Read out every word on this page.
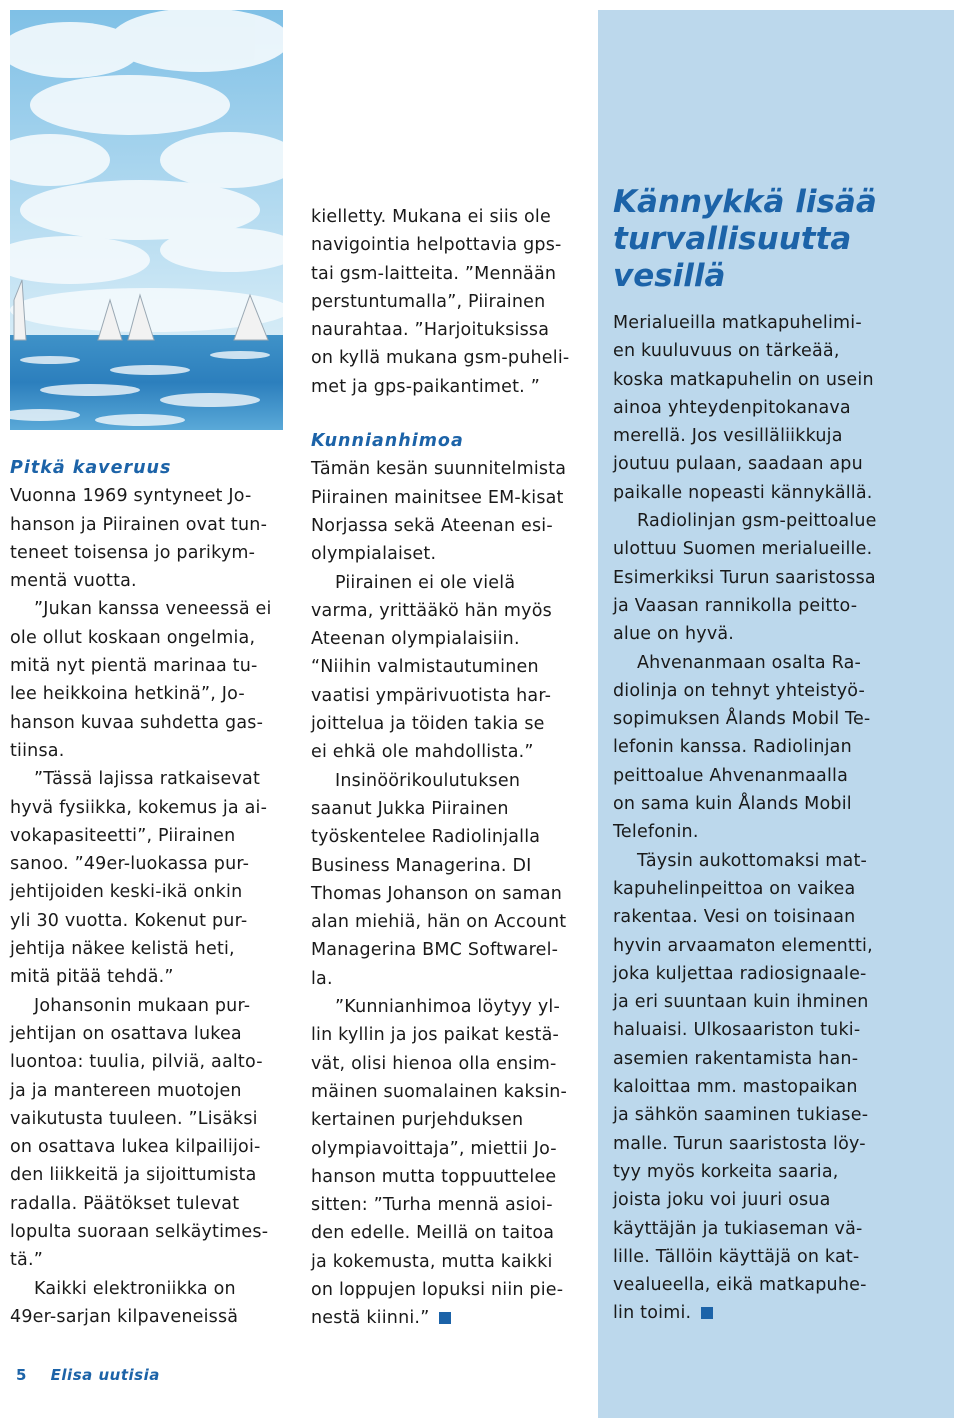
Pitkä kaveruus
Vuonna 1969 syntyneet Jo-
hanson ja Piirainen ovat tun-
teneet toisensa jo parikym-
mentä vuotta.
”Jukan kanssa veneessä ei
ole ollut koskaan ongelmia,
mitä nyt pientä marinaa tu-
lee heikkoina hetkinä”, Jo-
hanson kuvaa suhdetta gas-
tiinsa.
”Tässä lajissa ratkaisevat
hyvä fysiikka, kokemus ja ai-
vokapasiteetti”, Piirainen
sanoo. ”49er-luokassa pur-
jehtijoiden keski-ikä onkin
yli 30 vuotta. Kokenut pur-
jehtija näkee kelistä heti,
mitä pitää tehdä.”
Johansonin mukaan pur-
jehtijan on osattava lukea
luontoa: tuulia, pilviä, aalto-
ja ja mantereen muotojen
vaikutusta tuuleen. ”Lisäksi
on osattava lukea kilpailijoi-
den liikkeitä ja sijoittumista
radalla. Päätökset tulevat
lopulta suoraan selkäytimes-
tä.”
Kaikki elektroniikka on
49er-sarjan kilpaveneissä
kielletty. Mukana ei siis ole
navigointia helpottavia gps-
tai gsm-laitteita. ”Mennään
perstuntumalla”, Piirainen
naurahtaa. ”Harjoituksissa
on kyllä mukana gsm-puheli-
met ja gps-paikantimet. ”
Kunnianhimoa
Tämän kesän suunnitelmista
Piirainen mainitsee EM-kisat
Norjassa sekä Ateenan esi-
olympialaiset.
Piirainen ei ole vielä
varma, yrittääkö hän myös
Ateenan olympialaisiin.
“Niihin valmistautuminen
vaatisi ympärivuotista har-
joittelua ja töiden takia se
ei ehkä ole mahdollista.”
Insinöörikoulutuksen
saanut Jukka Piirainen
työskentelee Radiolinjalla
Business Managerina. DI
Thomas Johanson on saman
alan miehiä, hän on Account
Managerina BMC Softwarel-
la.
”Kunnianhimoa löytyy yl-
lin kyllin ja jos paikat kestä-
vät, olisi hienoa olla ensim-
mäinen suomalainen kaksin-
kertainen purjehduksen
olympiavoittaja”, miettii Jo-
hanson mutta toppuuttelee
sitten: ”Turha mennä asioi-
den edelle. Meillä on taitoa
ja kokemusta, mutta kaikki
on loppujen lopuksi niin pie-
nestä kiinni.”
Kännykkä lisää
turvallisuutta
vesillä
Merialueilla matkapuhelimi-
en kuuluvuus on tärkeää,
koska matkapuhelin on usein
ainoa yhteydenpitokanava
merellä. Jos vesilläliikkuja
joutuu pulaan, saadaan apu
paikalle nopeasti kännykällä.
Radiolinjan gsm-peittoalue
ulottuu Suomen merialueille.
Esimerkiksi Turun saaristossa
ja Vaasan rannikolla peitto-
alue on hyvä.
Ahvenanmaan osalta Ra-
diolinja on tehnyt yhteistyö-
sopimuksen Ålands Mobil Te-
lefonin kanssa. Radiolinjan
peittoalue Ahvenanmaalla
on sama kuin Ålands Mobil
Telefonin.
Täysin aukottomaksi mat-
kapuhelinpeittoa on vaikea
rakentaa. Vesi on toisinaan
hyvin arvaamaton elementti,
joka kuljettaa radiosignaale-
ja eri suuntaan kuin ihminen
haluaisi. Ulkosaariston tuki-
asemien rakentamista han-
kaloittaa mm. mastopaikan
ja sähkön saaminen tukiase-
malle. Turun saaristosta löy-
tyy myös korkeita saaria,
joista joku voi juuri osua
käyttäjän ja tukiaseman vä-
lille. Tällöin käyttäjä on kat-
vealueella, eikä matkapuhe-
lin toimi.
5 Elisa uutisia
